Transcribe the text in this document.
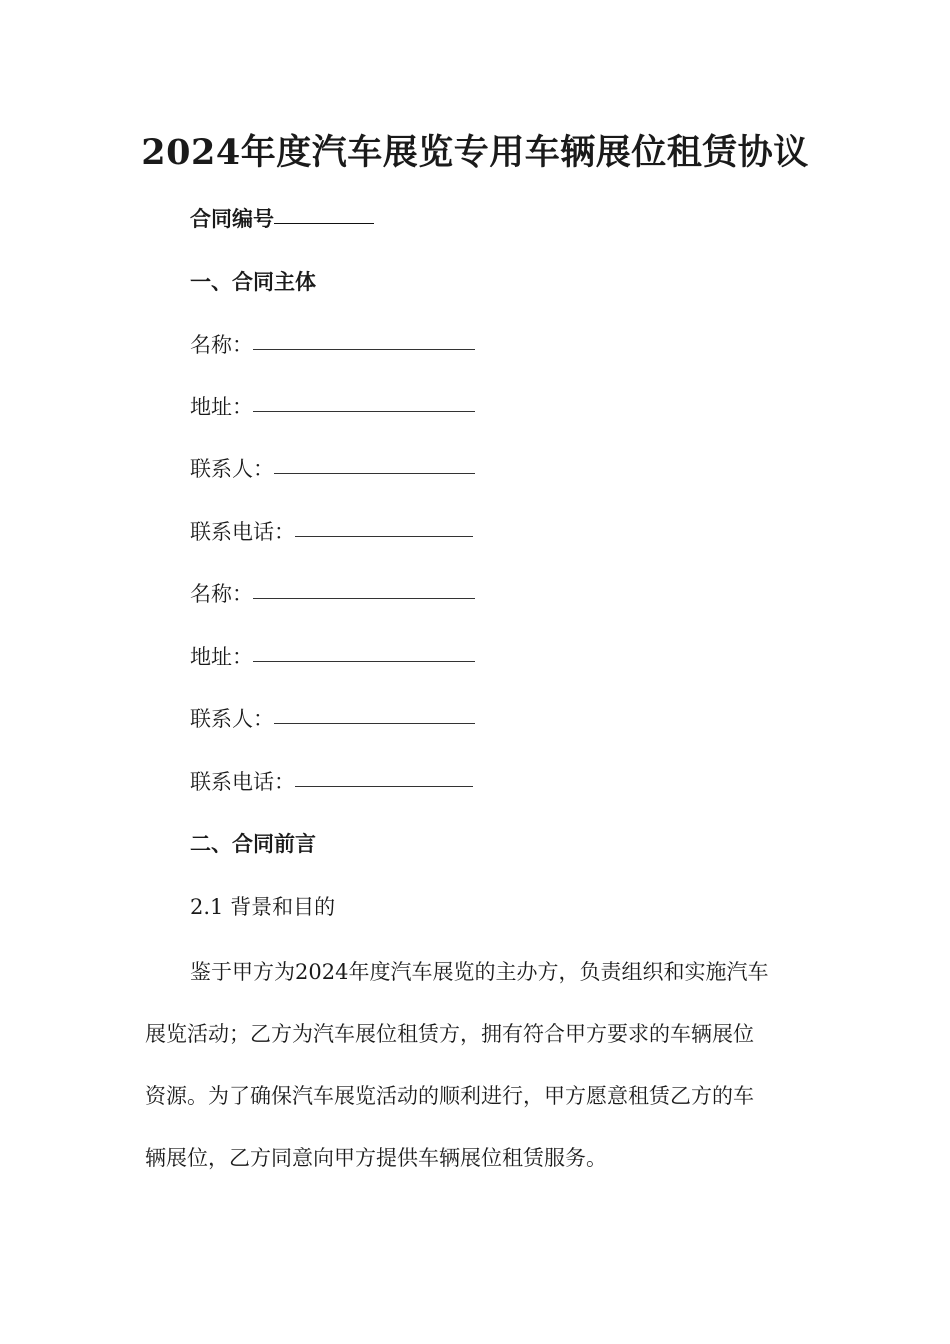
2024年度汽车展览专用车辆展位租赁协议
合同编号
一、合同主体
名称：
地址：
联系人：
联系电话：
名称：
地址：
联系人：
联系电话：
二、合同前言
2.1 背景和目的
鉴于甲方为2024年度汽车展览的主办方，负责组织和实施汽车
展览活动；乙方为汽车展位租赁方，拥有符合甲方要求的车辆展位
资源。为了确保汽车展览活动的顺利进行，甲方愿意租赁乙方的车
辆展位，乙方同意向甲方提供车辆展位租赁服务。
